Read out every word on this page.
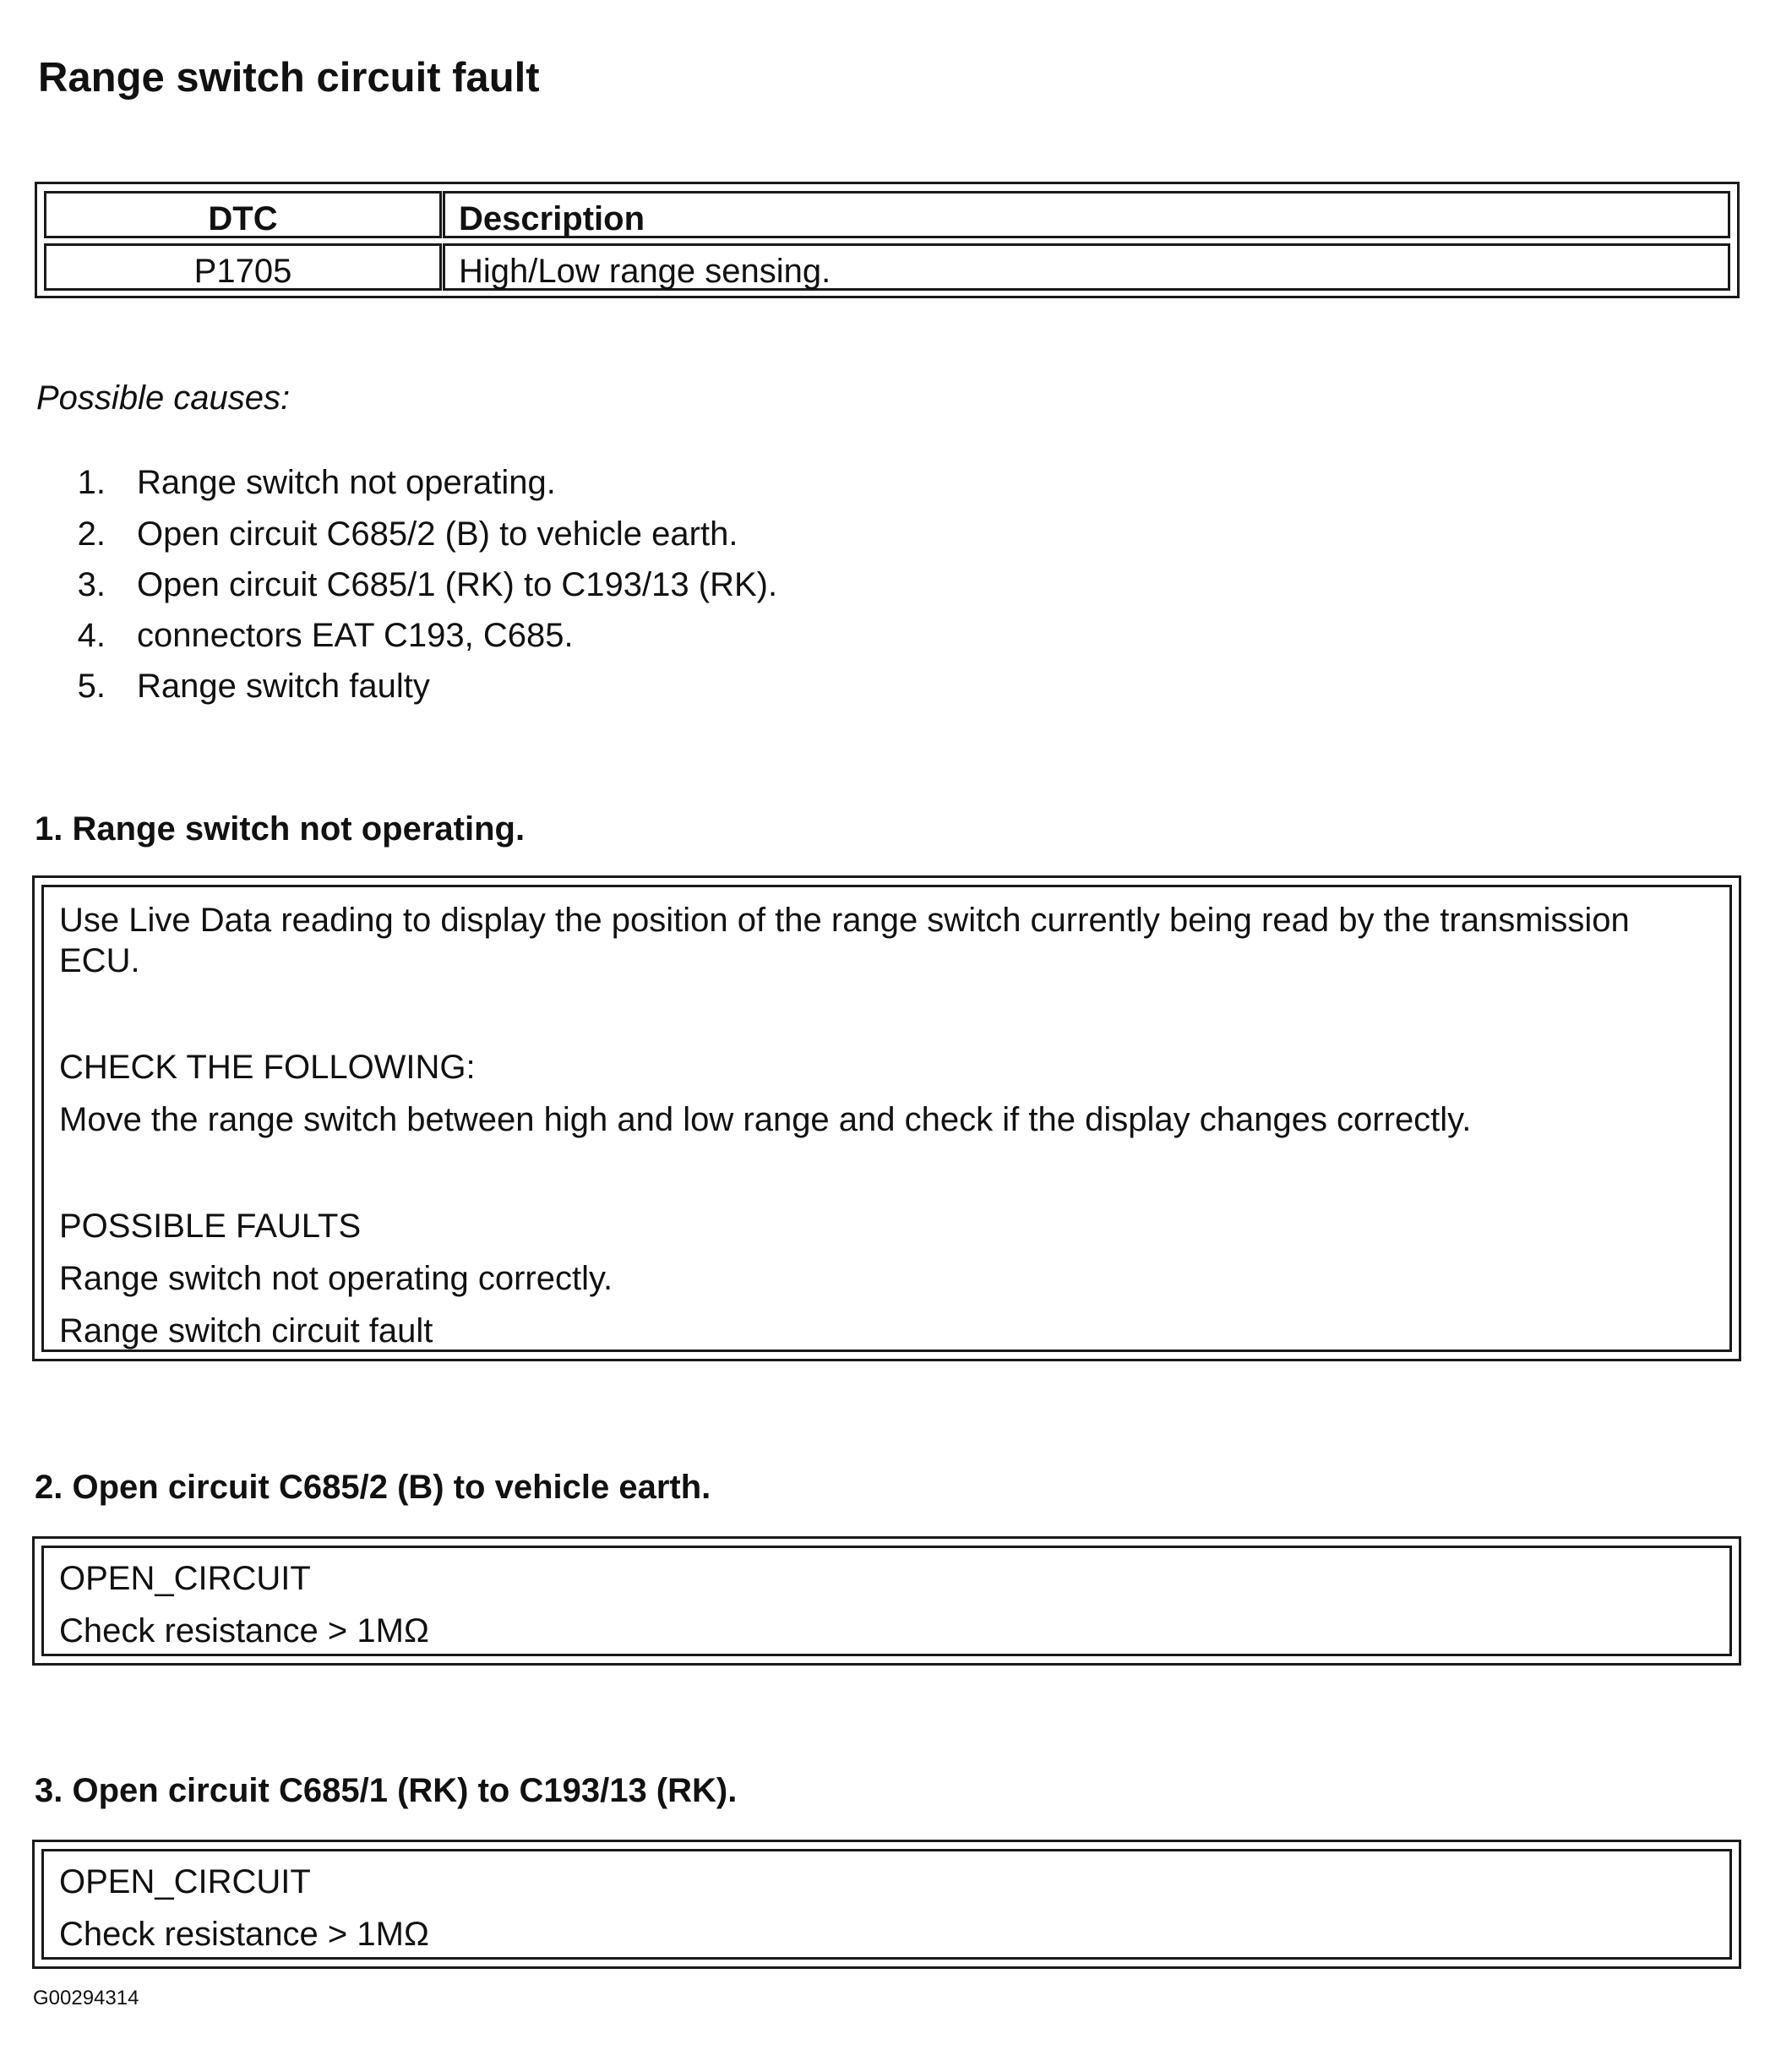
Range switch circuit fault
DTC	Description
P1705	High/Low range sensing.
Possible causes:
1. Range switch not operating.
2. Open circuit C685/2 (B) to vehicle earth.
3. Open circuit C685/1 (RK) to C193/13 (RK).
4. connectors EAT C193, C685.
5. Range switch faulty
1. Range switch not operating.
Use Live Data reading to display the position of the range switch currently being read by the transmission
ECU.
CHECK THE FOLLOWING:
Move the range switch between high and low range and check if the display changes correctly.
POSSIBLE FAULTS
Range switch not operating correctly.
Range switch circuit fault
2. Open circuit C685/2 (B) to vehicle earth.
OPEN_CIRCUIT
Check resistance > 1MΩ
3. Open circuit C685/1 (RK) to C193/13 (RK).
OPEN_CIRCUIT
Check resistance > 1MΩ
G00294314
